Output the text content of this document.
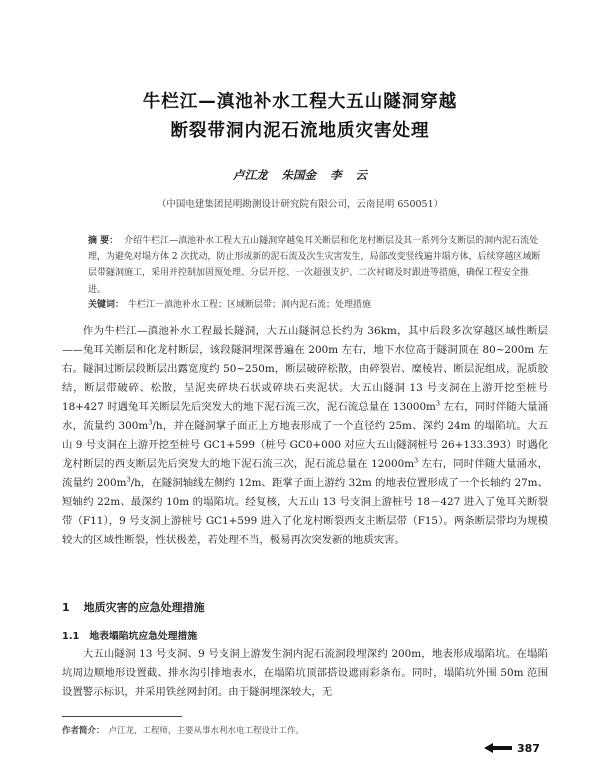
牛栏江—滇池补水工程大五山隧洞穿越
断裂带洞内泥石流地质灾害处理
卢江龙 朱国金 李 云
（中国电建集团昆明勘测设计研究院有限公司，云南昆明 650051）
摘 要： 介绍牛栏江—滇池补水工程大五山隧洞穿越兔耳关断层和化龙村断层及其一系列分支断层的洞内泥石流处理，为避免对塌方体 2 次扰动，防止形成新的泥石流及次生灾害发生，局部改变竖线遍井塌方体，后续穿越区域断层带隧洞施工，采用并控制加固预处理、分层开挖、一次超强支护、二次衬砌及时跟进等措施，确保工程安全推进。
关键词： 牛栏江－滇池补水工程；区域断层带；洞内泥石流；处理措施
作为牛栏江—滇池补水工程最长隧洞，大五山隧洞总长约为 36km，其中后段多次穿越区域性断层——兔耳关断层和化龙村断层，该段隧洞埋深普遍在 200m 左右，地下水位高于隧洞顶在 80~200m 左右。隧洞过断层段断层出露宽度约 50~250m，断层破碎松散，由碎裂岩、糜棱岩、断层泥组成，泥质胶结，断层带破碎、松散，呈泥夹碎块石状或碎块石夹泥状。大五山隧洞 13 号支洞在上游开挖至桩号 18+427 时遇兔耳关断层先后突发大的地下泥石流三次，泥石流总量在 $13000m^3$ 左右，同时伴随大量涌水，流量约 $300m^3/h$，并在隧洞掌子面正上方地表形成了一个直径约 25m、深约 24m 的塌陷坑。大五山 9 号支洞在上游开挖至桩号 GC1+599（桩号 GC0+000 对应大五山隧洞桩号 26+133.393）时遇化龙村断层的西支断层先后突发大的地下泥石流三次，泥石流总量在 $12000m^3$ 左右，同时伴随大量涌水，流量约 $200m^3/h$，在隧洞轴线左侧约 12m、距掌子面上游约 32m 的地表位置形成了一个长轴约 27m、短轴约 22m、最深约 10m 的塌陷坑。经复核，大五山 13 号支洞上游桩号 18－427 进入了兔耳关断裂带（F11），9 号支洞上游桩号 GC1+599 进入了化龙村断裂西支主断层带（F15）。两条断层带均为规模较大的区域性断裂，性状极差，若处理不当，极易再次突发新的地质灾害。
1 地质灾害的应急处理措施
1.1 地表塌陷坑应急处理措施
大五山隧洞 13 号支洞、9 号支洞上游发生洞内泥石流洞段埋深约 200m，地表形成塌陷坑。在塌陷坑周边顺地形设置截、排水沟引排地表水，在塌陷坑顶部搭设遮雨彩条布。同时，塌陷坑外围 50m 范围设置警示标识，并采用铁丝网封闭。由于隧洞埋深较大，无
作者简介： 卢江龙，工程师，主要从事水利水电工程设计工作。
387
